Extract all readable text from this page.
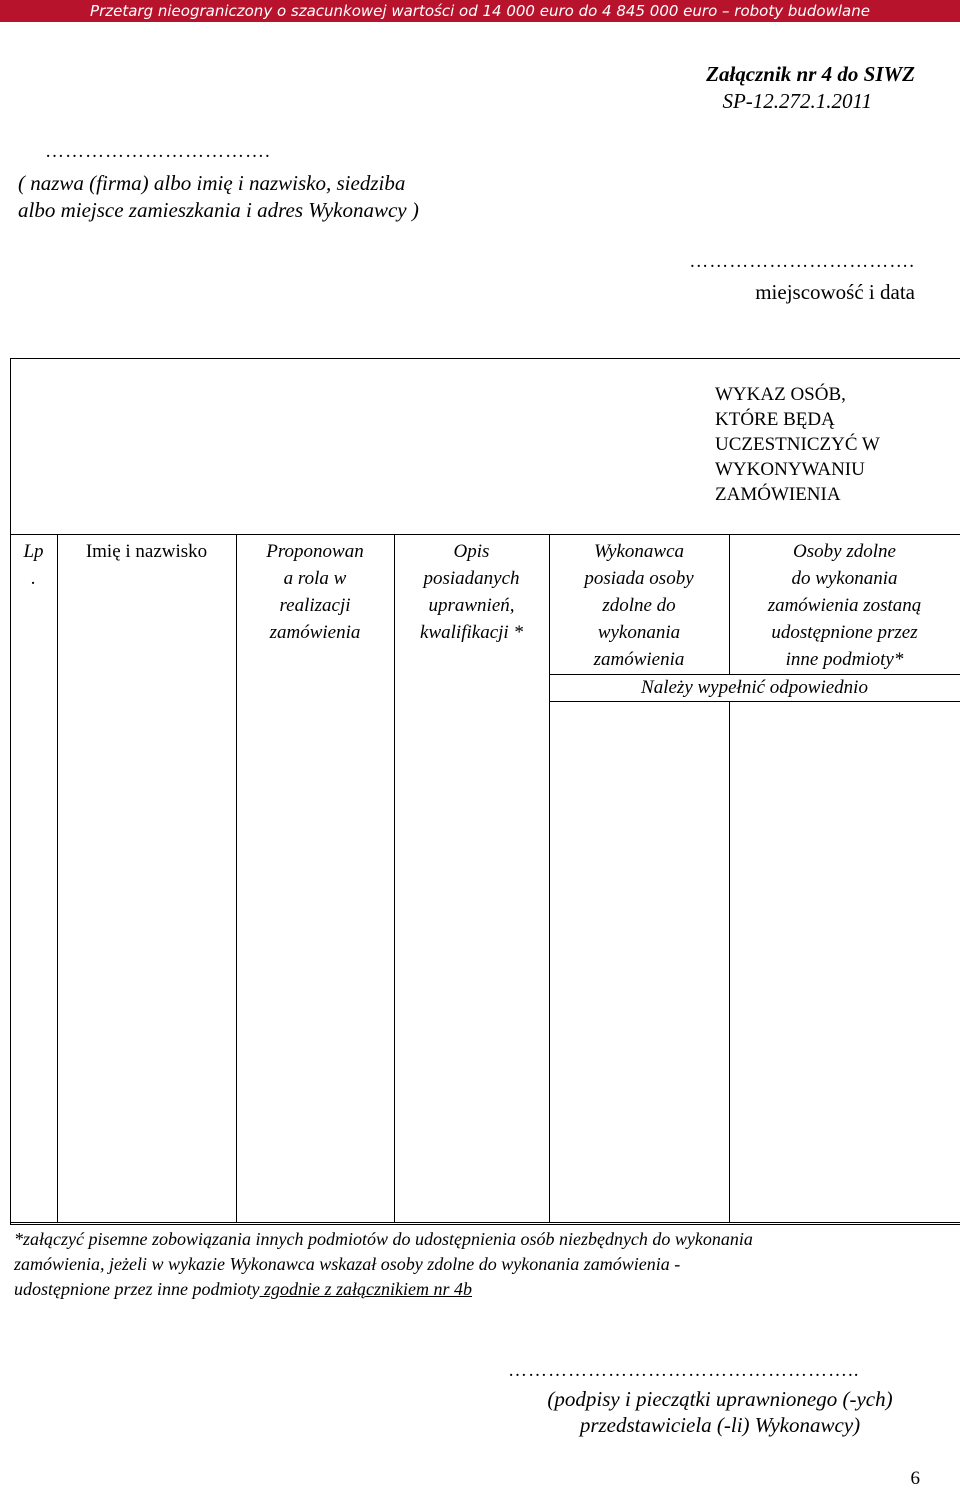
Przetarg nieograniczony o szacunkowej wartości od 14 000 euro do 4 845 000 euro – roboty budowlane
Załącznik nr 4 do SIWZ
SP-12.272.1.2011
…………………………….
( nazwa (firma) albo imię i nazwisko, siedziba
albo miejsce zamieszkania i adres Wykonawcy )
…………………………….
miejscowość i data
WYKAZ OSÓB,
KTÓRE BĘDĄ
UCZESTNICZYĆ W
WYKONYWANIU
ZAMÓWIENIA
Lp
.
Imię i nazwisko	Proponowan
a rola w
realizacji
zamówienia
Opis
posiadanych
uprawnień,
kwalifikacji *
Wykonawca
posiada osoby
zdolne do
wykonania
zamówienia
Osoby zdolne
do wykonania
zamówienia zostaną
udostępnione przez
inne podmioty*
Należy wypełnić odpowiednio
*załączyć pisemne zobowiązania innych podmiotów do udostępnienia osób niezbędnych do wykonania
zamówienia, jeżeli w wykazie Wykonawca wskazał osoby zdolne do wykonania zamówienia -
udostępnione przez inne podmioty zgodnie z załącznikiem nr 4b
……………………………………………..
(podpisy i pieczątki uprawnionego (-ych)
przedstawiciela (-li) Wykonawcy)
6
